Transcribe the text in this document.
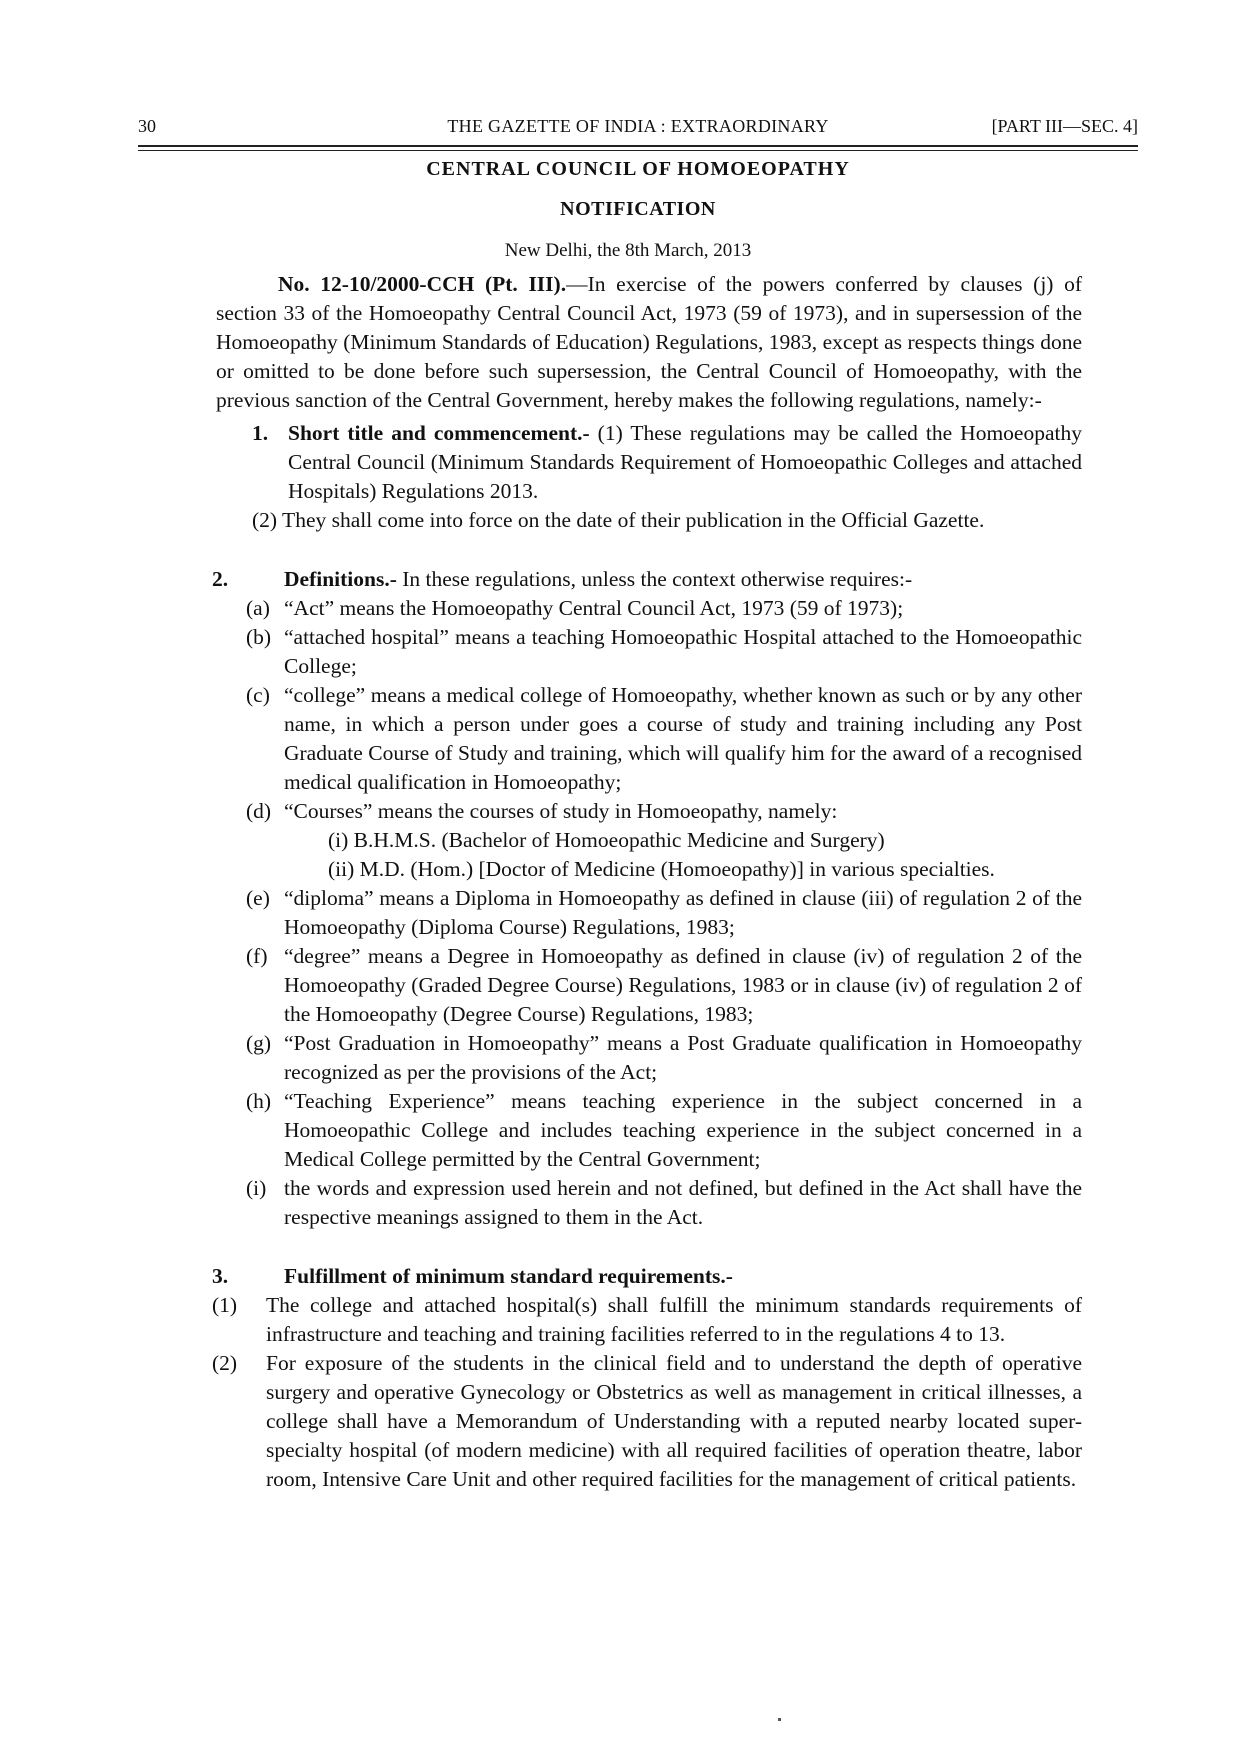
30	THE GAZETTE OF INDIA : EXTRAORDINARY	[PART III—SEC. 4]
CENTRAL COUNCIL OF HOMOEOPATHY
NOTIFICATION
New Delhi, the 8th March, 2013

No. 12-10/2000-CCH (Pt. III).—In exercise of the powers conferred by clauses (j) of section 33 of the Homoeopathy Central Council Act, 1973 (59 of 1973), and in supersession of the Homoeopathy (Minimum Standards of Education) Regulations, 1983, except as respects things done or omitted to be done before such supersession, the Central Council of Homoeopathy, with the previous sanction of the Central Government, hereby makes the following regulations, namely:-

1. Short title and commencement.- (1) These regulations may be called the Homoeopathy Central Council (Minimum Standards Requirement of Homoeopathic Colleges and attached Hospitals) Regulations 2013.

(2) They shall come into force on the date of their publication in the Official Gazette.

2.	Definitions.- In these regulations, unless the context otherwise requires:-

(a) “Act” means the Homoeopathy Central Council Act, 1973 (59 of 1973);

(b) “attached hospital” means a teaching Homoeopathic Hospital attached to the Homoeopathic College;

(c) “college” means a medical college of Homoeopathy, whether known as such or by any other name, in which a person under goes a course of study and training including any Post Graduate Course of Study and training, which will qualify him for the award of a recognised medical qualification in Homoeopathy;

(d) “Courses” means the courses of study in Homoeopathy, namely:

(i) B.H.M.S. (Bachelor of Homoeopathic Medicine and Surgery)

(ii) M.D. (Hom.) [Doctor of Medicine (Homoeopathy)] in various specialties.

(e) “diploma” means a Diploma in Homoeopathy as defined in clause (iii) of regulation 2 of the Homoeopathy (Diploma Course) Regulations, 1983;

(f) “degree” means a Degree in Homoeopathy as defined in clause (iv) of regulation 2 of the Homoeopathy (Graded Degree Course) Regulations, 1983 or in clause (iv) of regulation 2 of the Homoeopathy (Degree Course) Regulations, 1983;

(g) “Post Graduation in Homoeopathy” means a Post Graduate qualification in Homoeopathy recognized as per the provisions of the Act;

(h) “Teaching Experience” means teaching experience in the subject concerned in a Homoeopathic College and includes teaching experience in the subject concerned in a Medical College permitted by the Central Government;

(i) the words and expression used herein and not defined, but defined in the Act shall have the respective meanings assigned to them in the Act.

3.	Fulfillment of minimum standard requirements.-

(1) The college and attached hospital(s) shall fulfill the minimum standards requirements of infrastructure and teaching and training facilities referred to in the regulations 4 to 13.

(2) For exposure of the students in the clinical field and to understand the depth of operative surgery and operative Gynecology or Obstetrics as well as management in critical illnesses, a college shall have a Memorandum of Understanding with a reputed nearby located super-specialty hospital (of modern medicine) with all required facilities of operation theatre, labor room, Intensive Care Unit and other required facilities for the management of critical patients.
